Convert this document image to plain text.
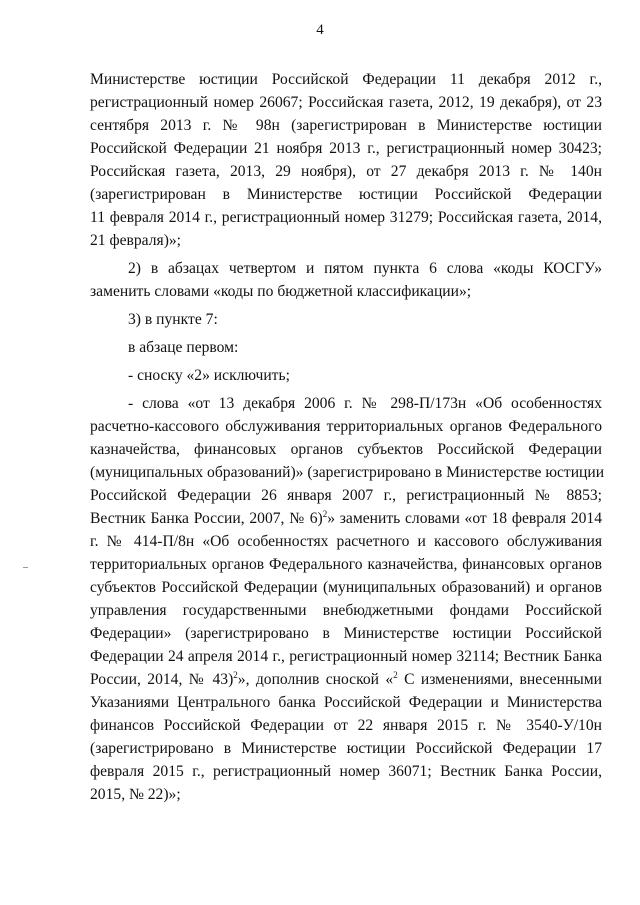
4
Министерстве юстиции Российской Федерации 11 декабря 2012 г.,
регистрационный номер 26067; Российская газета, 2012, 19 декабря), от 23
сентября 2013 г. № 98н (зарегистрирован в Министерстве юстиции
Российской Федерации 21 ноября 2013 г., регистрационный номер 30423;
Российская газета, 2013, 29 ноября), от 27 декабря 2013 г. № 140н
(зарегистрирован в Министерстве юстиции Российской Федерации
11 февраля 2014 г., регистрационный номер 31279; Российская газета, 2014,
21 февраля)»;
2) в абзацах четвертом и пятом пункта 6 слова «коды КОСГУ»
заменить словами «коды по бюджетной классификации»;
3) в пункте 7:
в абзаце первом:
- сноску «2» исключить;
- слова «от 13 декабря 2006 г. № 298-П/173н «Об особенностях
расчетно-кассового обслуживания территориальных органов Федерального
казначейства, финансовых органов субъектов Российской Федерации
(муниципальных образований)» (зарегистрировано в Министерстве юстиции
Российской Федерации 26 января 2007 г., регистрационный № 8853;
Вестник Банка России, 2007, № 6)$^2$» заменить словами «от 18 февраля 2014
г. № 414-П/8н «Об особенностях расчетного и кассового обслуживания
территориальных органов Федерального казначейства, финансовых органов
субъектов Российской Федерации (муниципальных образований) и органов
управления государственными внебюджетными фондами Российской
Федерации» (зарегистрировано в Министерстве юстиции Российской
Федерации 24 апреля 2014 г., регистрационный номер 32114; Вестник Банка
России, 2014, № 43)$^2$», дополнив сноской «$^2$ С изменениями, внесенными
Указаниями Центрального банка Российской Федерации и Министерства
финансов Российской Федерации от 22 января 2015 г. № 3540-У/10н
(зарегистрировано в Министерстве юстиции Российской Федерации 17
февраля 2015 г., регистрационный номер 36071; Вестник Банка России,
2015, № 22)»;
